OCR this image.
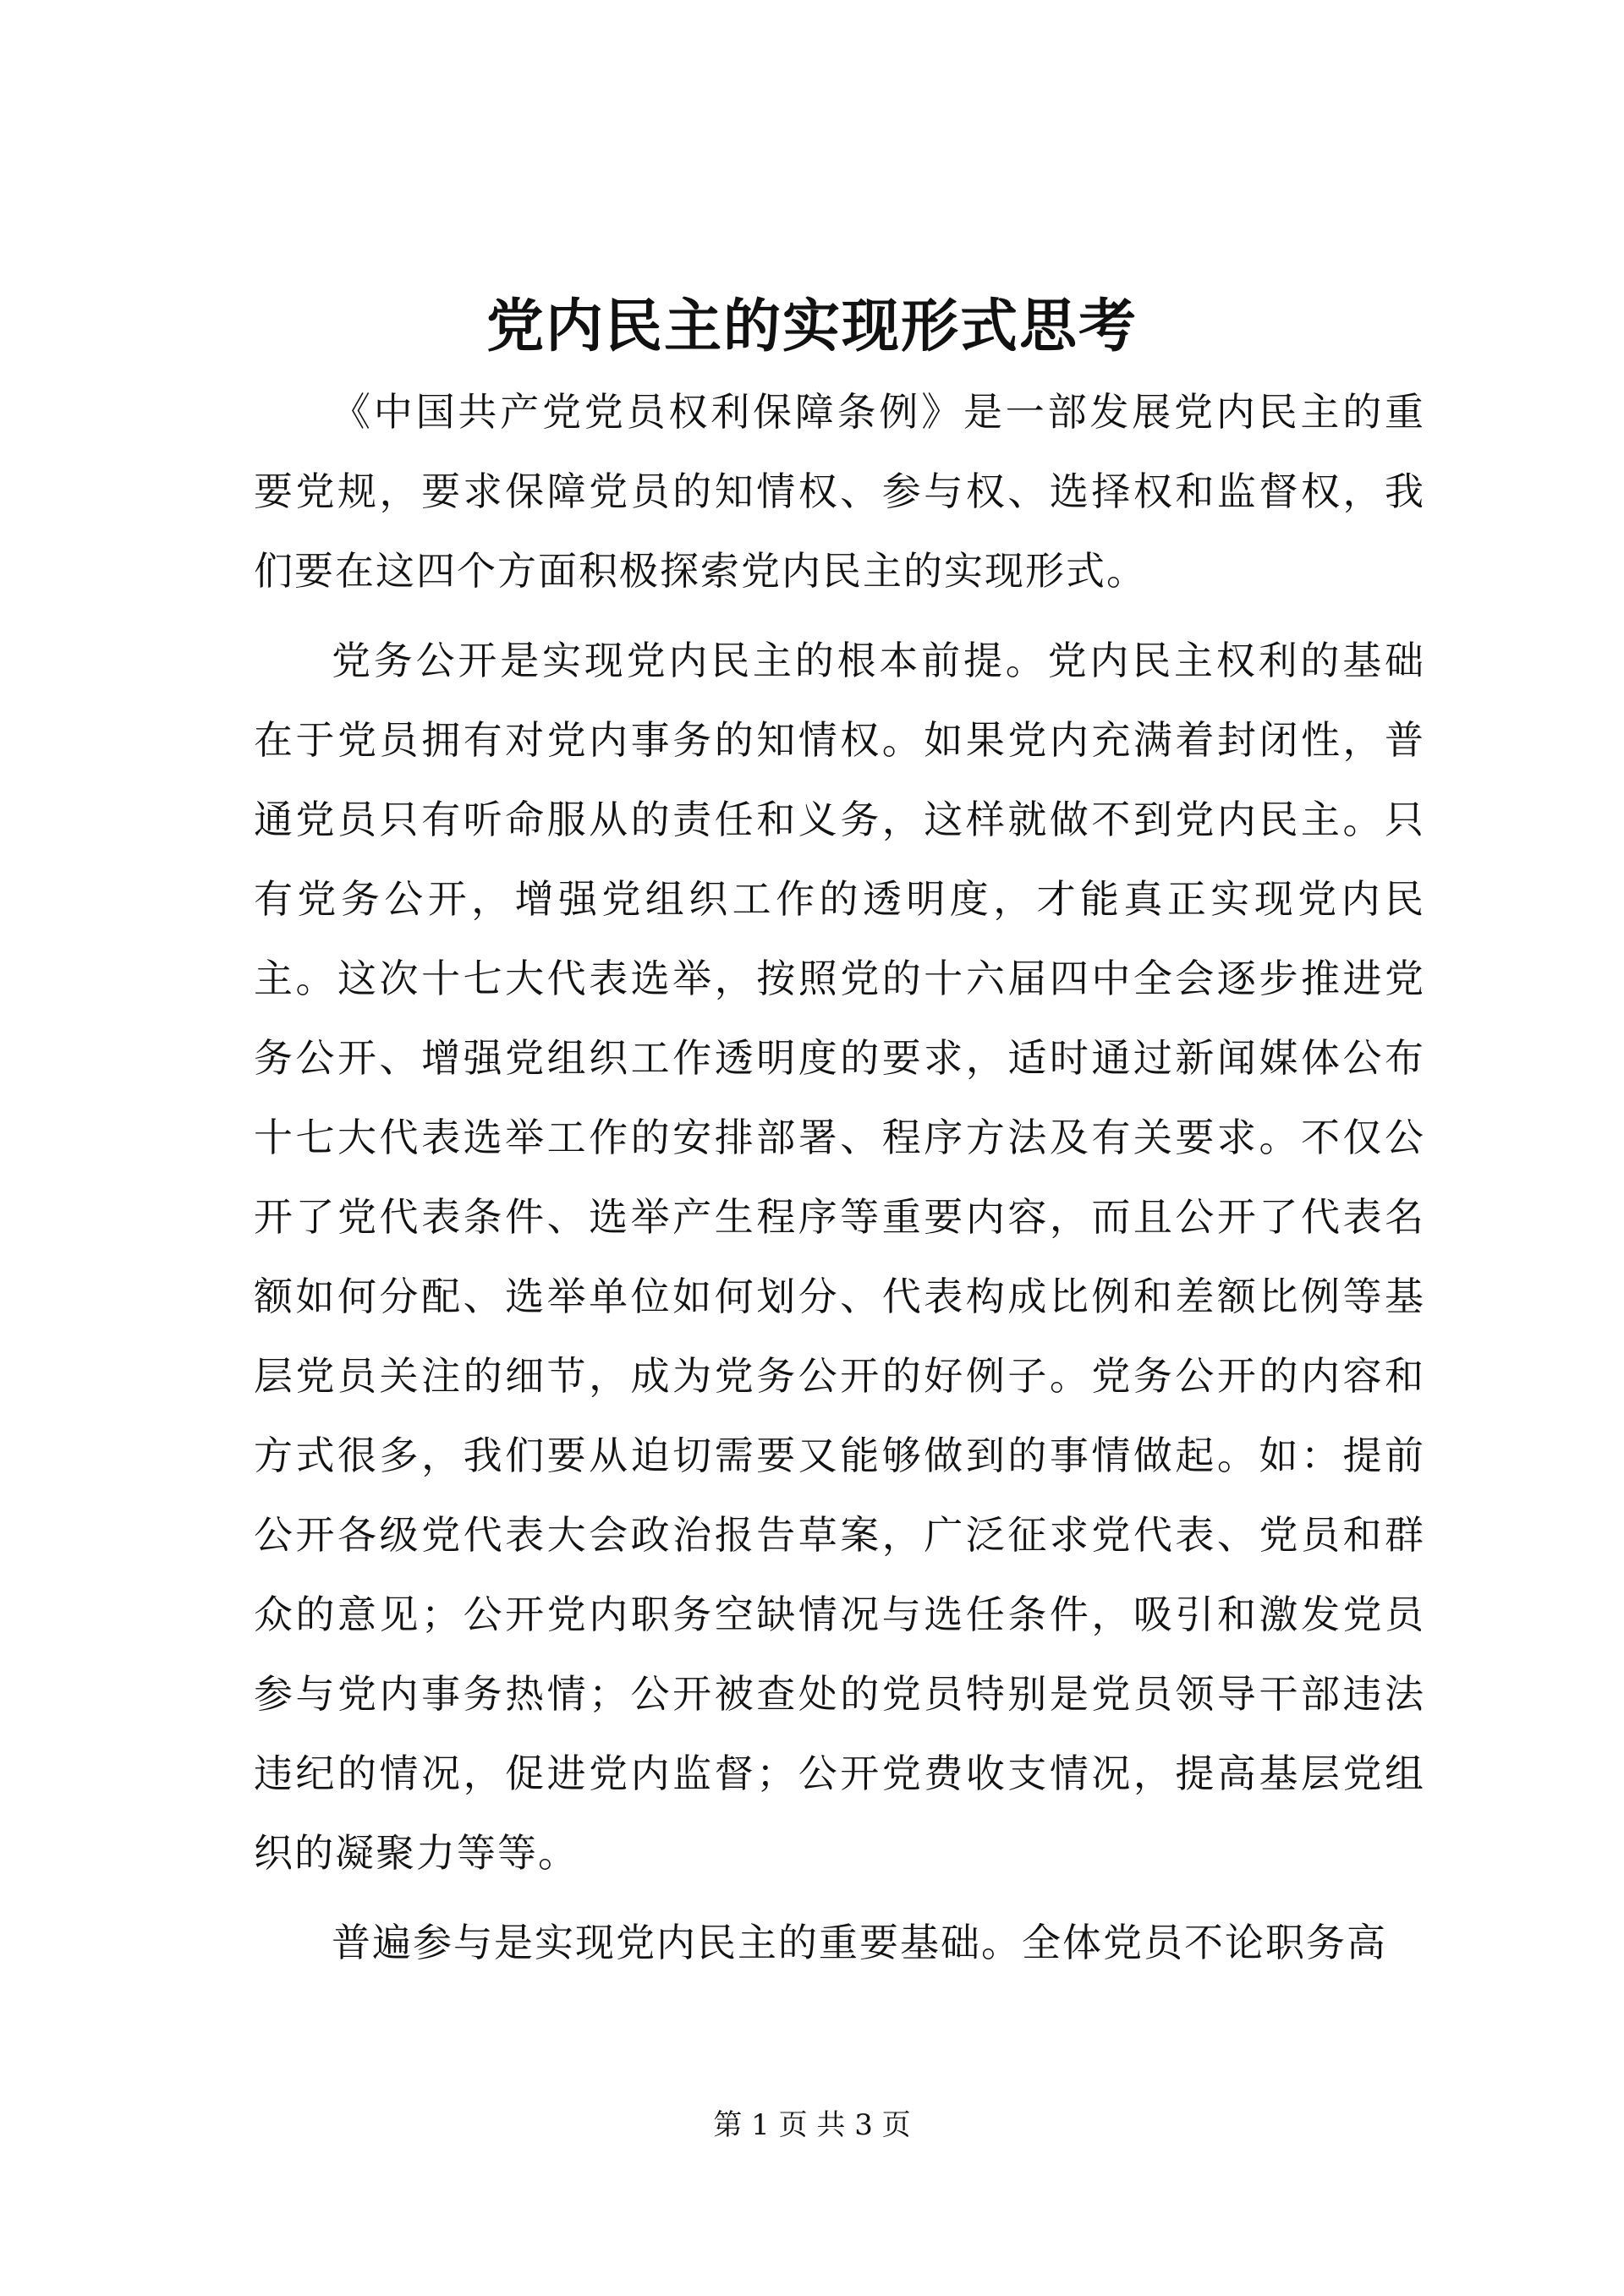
党内民主的实现形式思考

《中国共产党党员权利保障条例》是一部发展党内民主的重要党规，要求保障党员的知情权、参与权、选择权和监督权，我们要在这四个方面积极探索党内民主的实现形式。

党务公开是实现党内民主的根本前提。党内民主权利的基础在于党员拥有对党内事务的知情权。如果党内充满着封闭性，普通党员只有听命服从的责任和义务，这样就做不到党内民主。只有党务公开，增强党组织工作的透明度，才能真正实现党内民主。这次十七大代表选举，按照党的十六届四中全会逐步推进党务公开、增强党组织工作透明度的要求，适时通过新闻媒体公布十七大代表选举工作的安排部署、程序方法及有关要求。不仅公开了党代表条件、选举产生程序等重要内容，而且公开了代表名额如何分配、选举单位如何划分、代表构成比例和差额比例等基层党员关注的细节，成为党务公开的好例子。党务公开的内容和方式很多，我们要从迫切需要又能够做到的事情做起。如：提前公开各级党代表大会政治报告草案，广泛征求党代表、党员和群众的意见；公开党内职务空缺情况与选任条件，吸引和激发党员参与党内事务热情；公开被查处的党员特别是党员领导干部违法违纪的情况，促进党内监督；公开党费收支情况，提高基层党组织的凝聚力等等。

普遍参与是实现党内民主的重要基础。全体党员不论职务高

第 1 页 共 3 页
